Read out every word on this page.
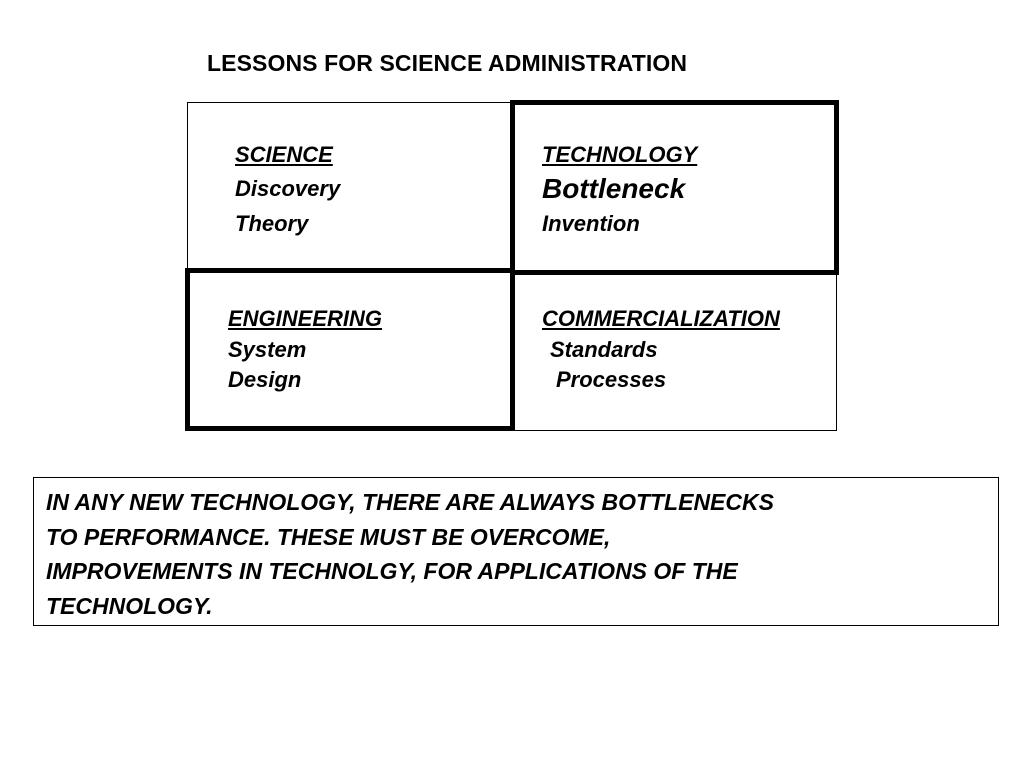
LESSONS FOR SCIENCE ADMINISTRATION
SCIENCE
Discovery
Theory
TECHNOLOGY
Bottleneck
Invention
ENGINEERING
System
Design
COMMERCIALIZATION
Standards
Processes
IN ANY NEW TECHNOLOGY, THERE ARE ALWAYS BOTTLENECKS
TO PERFORMANCE. THESE MUST BE OVERCOME,
IMPROVEMENTS IN TECHNOLGY, FOR APPLICATIONS OF THE
TECHNOLOGY.
